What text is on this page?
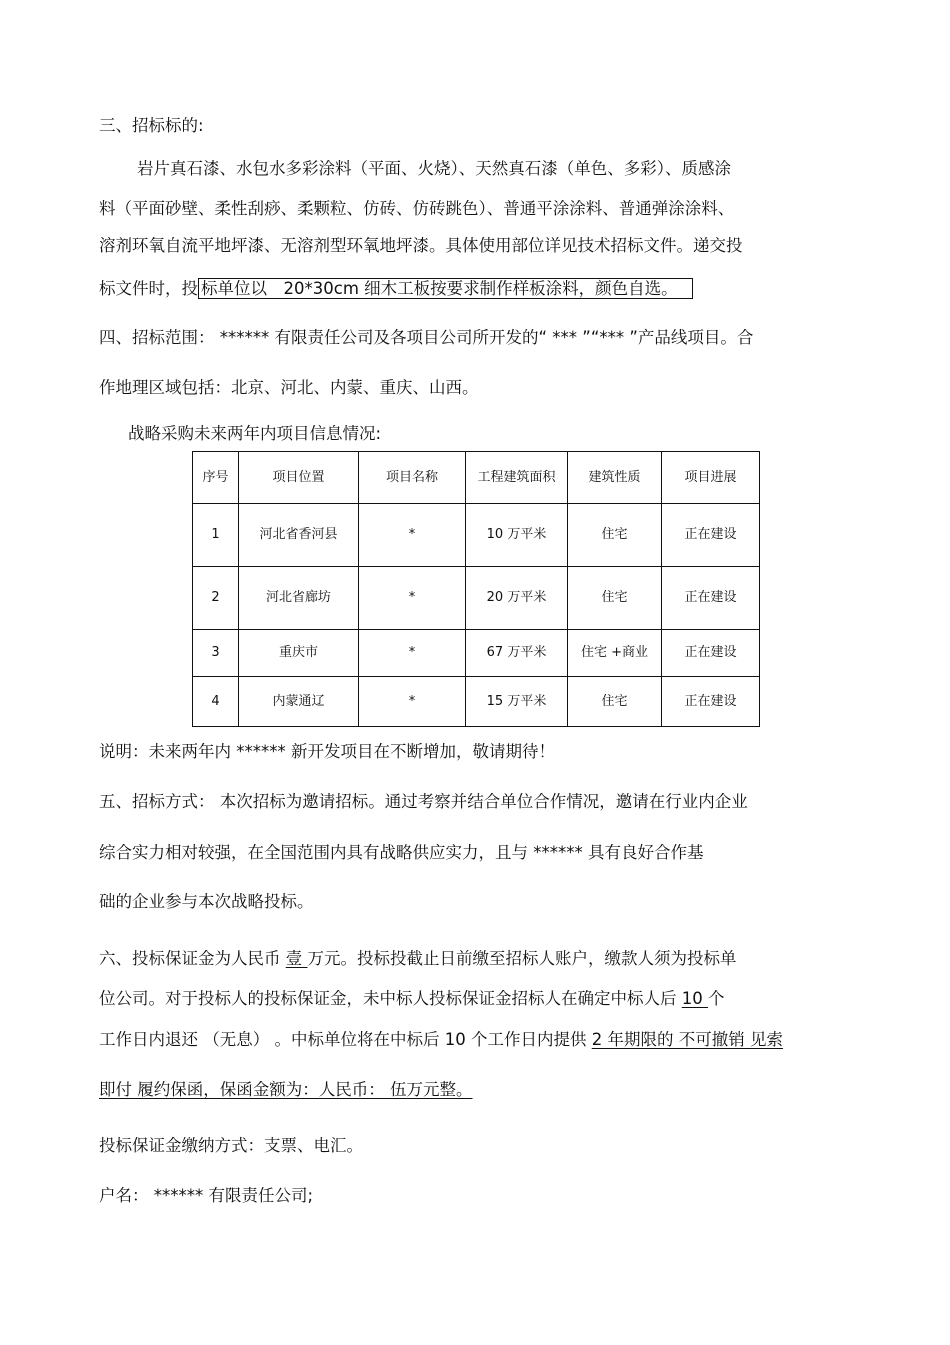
三、招标标的:
岩片真石漆、水包水多彩涂料（平面、火烧）、天然真石漆（单色、多彩）、质感涂
料（平面砂壁、柔性刮痧、柔颗粒、仿砖、仿砖跳色）、普通平涂涂料、普通弹涂涂料、
溶剂环氧自流平地坪漆、无溶剂型环氧地坪漆。具体使用部位详见技术招标文件。递交投
标文件时，投 标单位以　20*30cm 细木工板按要求制作样板涂料，颜色自选。
四、招标范围： ****** 有限责任公司及各项目公司所开发的“ *** ”“*** ”产品线项目。合
作地理区域包括：北京、河北、内蒙、重庆、山西。
战略采购未来两年内项目信息情况:
序号	项目位置	项目名称	工程建筑面积	建筑性质	项目进展
1	河北省香河县	*	10 万平米	住宅	正在建设
2	河北省廊坊	*	20 万平米	住宅	正在建设
3	重庆市	*	67 万平米	住宅 +商业	正在建设
4	内蒙通辽	*	15 万平米	住宅	正在建设
说明：未来两年内 ****** 新开发项目在不断增加，敬请期待！
五、招标方式： 本次招标为邀请招标。通过考察并结合单位合作情况，邀请在行业内企业
综合实力相对较强，在全国范围内具有战略供应实力，且与 ****** 具有良好合作基
础的企业参与本次战略投标。
六、投标保证金为人民币 壹 万元。投标投截止日前缴至招标人账户，缴款人须为投标单
位公司。对于投标人的投标保证金，未中标人投标保证金招标人在确定中标人后 10 个
工作日内退还 （无息） 。中标单位将在中标后 10 个工作日内提供 2 年期限的 不可撤销 见索
即付 履约保函，保函金额为：人民币： 伍万元整。
投标保证金缴纳方式：支票、电汇。
户名： ****** 有限责任公司;
